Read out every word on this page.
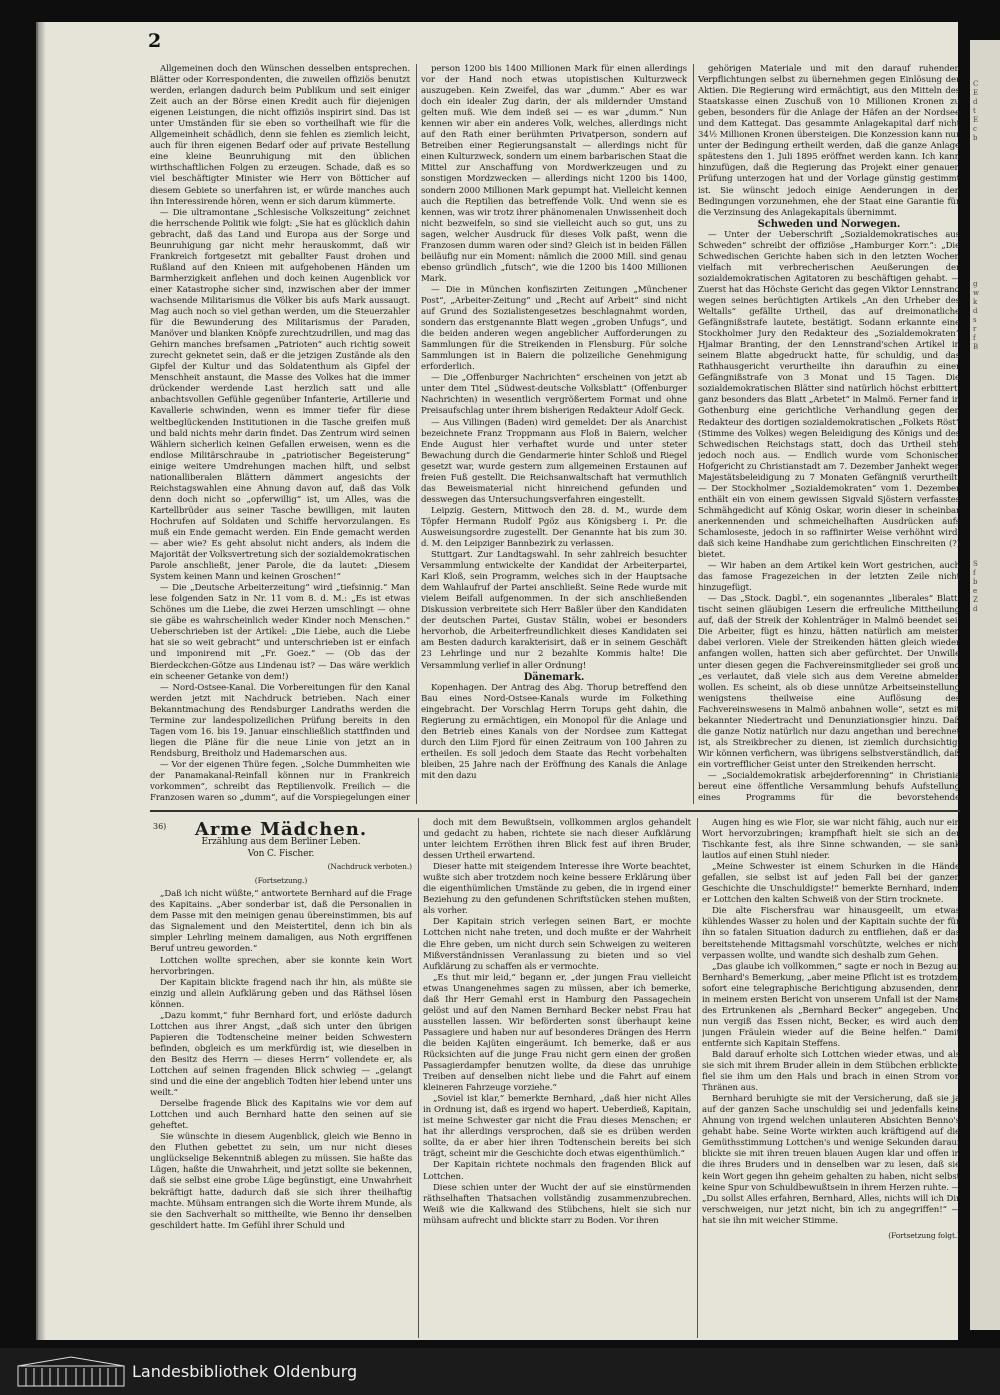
C
E
d
t
E
c
b
g
w
k
d
s
r
f
B
S
f
b
e
Z
d
2

Allgemeinen doch den Wünschen desselben entsprechen. Blätter oder Korrespondenten, die zuweilen offiziös benutzt werden, erlangen dadurch beim Publikum und seit einiger Zeit auch an der Börse einen Kredit auch für diejenigen eigenen Leistungen, die nicht offiziös inspirirt sind. Das ist unter Umständen für sie eben so vortheilhaft wie für die Allgemeinheit schädlich, denn sie fehlen es ziemlich leicht, auch für ihren eigenen Bedarf oder auf private Bestellung eine kleine Beunruhigung mit den üblichen wirthschaftlichen Folgen zu erzeugen. Schade, daß es so viel beschäftigter Minister wie Herr von Bötticher auf diesem Gebiete so unerfahren ist, er würde manches auch ihn Interessirende hören, wenn er sich darum kümmerte.

— Die ultramontane „Schlesische Volkszeitung“ zeichnet die herrschende Politik wie folgt: „Sie hat es glücklich dahin gebracht, daß das Land und Europa aus der Sorge und Beunruhigung gar nicht mehr herauskommt, daß wir Frankreich fortgesetzt mit geballter Faust drohen und Rußland auf den Knieen mit aufgehobenen Händen um Barmherzigkeit anflehen und doch keinen Augenblick vor einer Katastrophe sicher sind, inzwischen aber der immer wachsende Militarismus die Völker bis aufs Mark aussaugt. Mag auch noch so viel gethan werden, um die Steuerzahler für die Bewunderung des Militarismus der Paraden, Manöver und blanken Knöpfe zurechtzudrillen, und mag das Gehirn manches brefsamen „Patrioten“ auch richtig soweit zurecht geknetet sein, daß er die jetzigen Zustände als den Gipfel der Kultur und das Soldatenthum als Gipfel der Menschheit anstaunt, die Masse des Volkes hat die immer drückender werdende Last herzlich satt und alle anbachtsvollen Gefühle gegenüber Infanterie, Artillerie und Kavallerie schwinden, wenn es immer tiefer für diese weltbeglückenden Institutionen in die Tasche greifen muß und bald nichts mehr darin findet. Das Zentrum wird seinen Wählern sicherlich keinen Gefallen erweisen, wenn es die endlose Militärschraube in „patriotischer Begeisterung“ einige weitere Umdrehungen machen hilft, und selbst nationalliberalen Blättern dämmert angesichts der Reichstagswahlen eine Ahnung davon auf, daß das Volk denn doch nicht so „opferwillig“ ist, um Alles, was die Kartellbrüder aus seiner Tasche bewilligen, mit lauten Hochrufen auf Soldaten und Schiffe hervorzulangen. Es muß ein Ende gemacht werden. Ein Ende gemacht werden — aber wie? Es geht absolut nicht anders, als indem die Majorität der Volksvertretung sich der sozialdemokratischen Parole anschließt, jener Parole, die da lautet: „Diesem System keinen Mann und keinen Groschen!“

— Die „Deutsche Arbeiterzeitung“ wird „tiefsinnig.“ Man lese folgenden Satz in Nr. 11 vom 8. d. M.: „Es ist etwas Schönes um die Liebe, die zwei Herzen umschlingt — ohne sie gäbe es wahrscheinlich weder Kinder noch Menschen.“ Ueberschrieben ist der Artikel: „Die Liebe, auch die Liebe hat sie so weit gebracht“ und unterschrieben ist er einfach und imponirend mit „Fr. Goez.“ — (Ob das der Bierdeckchen-Götze aus Lindenau ist? — Das wäre werklich ein scheener Getanke von dem!)

— Nord-Ostsee-Kanal. Die Vorbereitungen für den Kanal werden jetzt mit Nachdruck betrieben. Nach einer Bekanntmachung des Rendsburger Landraths werden die Termine zur landespolizeilichen Prüfung bereits in den Tagen vom 16. bis 19. Januar einschließlich stattfinden und liegen die Pläne für die neue Linie von jetzt an in Rendsburg, Breitholz und Hademarschen aus.

— Vor der eigenen Thüre fegen. „Solche Dummheiten wie der Panamakanal-Reinfall können nur in Frankreich vorkommen“, schreibt das Reptilienvolk. Freilich — die Franzosen waren so „dumm“, auf die Vorspiegelungen einer

person 1200 bis 1400 Millionen Mark für einen allerdings vor der Hand noch etwas utopistischen Kulturzweck auszugeben. Kein Zweifel, das war „dumm.“ Aber es war doch ein idealer Zug darin, der als mildernder Umstand gelten muß. Wie dem indeß sei — es war „dumm.“ Nun kennen wir aber ein anderes Volk, welches, allerdings nicht auf den Rath einer berühmten Privatperson, sondern auf Betreiben einer Regierungsanstalt — allerdings nicht für einen Kulturzweck, sondern um einem barbarischen Staat die Mittel zur Anschaffung von Mordwerkzeugen und zu sonstigen Mordzwecken — allerdings nicht 1200 bis 1400, sondern 2000 Millionen Mark gepumpt hat. Vielleicht kennen auch die Reptilien das betreffende Volk. Und wenn sie es kennen, was wir trotz ihrer phänomenalen Unwissenheit doch nicht bezweifeln, so sind sie vielleicht auch so gut, uns zu sagen, welcher Ausdruck für dieses Volk paßt, wenn die Franzosen dumm waren oder sind? Gleich ist in beiden Fällen beiläufig nur ein Moment: nämlich die 2000 Mill. sind genau ebenso gründlich „futsch“, wie die 1200 bis 1400 Millionen Mark.

— Die in München konfiszirten Zeitungen „Münchener Post“, „Arbeiter-Zeitung“ und „Recht auf Arbeit“ sind nicht auf Grund des Sozialistengesetzes beschlagnahmt worden, sondern das erstgenannte Blatt wegen „groben Unfugs“, und die beiden anderen wegen angeblicher Aufforderungen zu Sammlungen für die Streikenden in Flensburg. Für solche Sammlungen ist in Baiern die polizeiliche Genehmigung erforderlich.

— Die „Offenburger Nachrichten“ erscheinen von jetzt ab unter dem Titel „Südwest-deutsche Volksblatt“ (Offenburger Nachrichten) in wesentlich vergrößertem Format und ohne Preisaufschlag unter ihrem bisherigen Redakteur Adolf Geck.

— Aus Villingen (Baden) wird gemeldet: Der als Anarchist bezeichnete Franz Troppmann aus Floß in Baiern, welcher Ende August hier verhaftet wurde und unter steter Bewachung durch die Gendarmerie hinter Schloß und Riegel gesetzt war, wurde gestern zum allgemeinen Erstaunen auf freien Fuß gestellt. Die Reichsanwaltschaft hat vermuthlich das Beweismaterial nicht hinreichend gefunden und desswegen das Untersuchungsverfahren eingestellt.

Leipzig. Gestern, Mittwoch den 28. d. M., wurde dem Töpfer Hermann Rudolf Pgöz aus Königsberg i. Pr. die Ausweisungsordre zugestellt. Der Genannte hat bis zum 30. d. M. den Leipziger Bannbezirk zu verlassen.

Stuttgart. Zur Landtagswahl. In sehr zahlreich besuchter Versammlung entwickelte der Kandidat der Arbeiterpartei, Karl Kloß, sein Programm, welches sich in der Hauptsache dem Wahlaufruf der Partei anschließt. Seine Rede wurde mit vielem Beifall aufgenommen. In der sich anschließenden Diskussion verbreitete sich Herr Baßler über den Kandidaten der deutschen Partei, Gustav Stälin, wobei er besonders hervorhob, die Arbeiterfreundlichkeit dieses Kandidaten sei am Besten dadurch karakterisirt, daß er in seinem Geschäft 23 Lehrlinge und nur 2 bezahlte Kommis halte! Die Versammlung verlief in aller Ordnung!

Dänemark.

Kopenhagen. Der Antrag des Abg. Thorup betreffend den Bau eines Nord-Ostsee-Kanals wurde im Folkething eingebracht. Der Vorschlag Herrn Torups geht dahin, die Regierung zu ermächtigen, ein Monopol für die Anlage und den Betrieb eines Kanals von der Nordsee zum Kattegat durch den Liim Fjord für einen Zeitraum von 100 Jahren zu ertheilen. Es soll jedoch dem Staate das Recht vorbehalten bleiben, 25 Jahre nach der Eröffnung des Kanals die Anlage mit den dazu

gehörigen Materiale und mit den darauf ruhenden Verpflichtungen selbst zu übernehmen gegen Einlösung der Aktien. Die Regierung wird ermächtigt, aus den Mitteln des Staatskasse einen Zuschuß von 10 Millionen Kronen zu geben, besonders für die Anlage der Häfen an der Nordsee und dem Kattegat. Das gesammte Anlagekapital darf nicht 34½ Millionen Kronen übersteigen. Die Konzession kann nur unter der Bedingung ertheilt werden, daß die ganze Anlage spätestens den 1. Juli 1895 eröffnet werden kann. Ich kann hinzufügen, daß die Regierung das Projekt einer genauen Prüfung unterzogen hat und der Vorlage günstig gestimmt ist. Sie wünscht jedoch einige Aenderungen in den Bedingungen vorzunehmen, ehe der Staat eine Garantie für die Verzinsung des Anlagekapitals übernimmt.

Schweden und Norwegen.

— Unter der Ueberschrift „Sozialdemokratisches aus Schweden“ schreibt der offiziöse „Hamburger Korr.“: „Die Schwedischen Gerichte haben sich in den letzten Wochen vielfach mit verbrecherischen Aeußerungen der sozialdemokratischen Agitatoren zu beschäftigen gehabt. — Zuerst hat das Höchste Gericht das gegen Viktor Lennstrand wegen seines berüchtigten Artikels „An den Urheber des Weltalls“ gefällte Urtheil, das auf dreimonatliche Gefängnißstrafe lautete, bestätigt. Sodann erkannte eine Stockholmer Jury den Redakteur des „Sozialdemokraten“ Hjalmar Branting, der den Lennstrand'schen Artikel in seinem Blatte abgedruckt hatte, für schuldig, und das Rathhausgericht verurtheilte ihn daraufhin zu einer Gefängnißstrafe von 3 Monat und 15 Tagen. Die sozialdemokratischen Blätter sind natürlich höchst erbittert, ganz besonders das Blatt „Arbetet“ in Malmö. Ferner fand in Gothenburg eine gerichtliche Verhandlung gegen den Redakteur des dortigen sozialdemokratischen „Folkets Röst“ (Stimme des Volkes) wegen Beleidigung des Königs und des Schwedischen Reichstags statt, doch das Urtheil steht jedoch noch aus. — Endlich wurde vom Schonischen Hofgericht zu Christianstadt am 7. Dezember Janhekt wegen Majestätsbeleidigung zu 7 Monaten Gefängniß verurtheilt. — Der Stockholmer „Sozialdemokraten“ vom 1. Dezember enthält ein von einem gewissen Sigvald Sjöstern verfasstes Schmähgedicht auf König Oskar, worin dieser in scheinbar anerkennenden und schmeichelhaften Ausdrücken aufs Schamloseste, jedoch in so raffinirter Weise verhöhnt wird, daß sich keine Handhabe zum gerichtlichen Einschreiten (?) bietet.

— Wir haben an dem Artikel kein Wort gestrichen, auch das famose Fragezeichen in der letzten Zeile nicht hinzugefügt.

— Das „Stock. Dagbl.“, ein sogenanntes „liberales“ Blatt, tischt seinen gläubigen Lesern die erfreuliche Mittheilung auf, daß der Streik der Kohlenträger in Malmö beendet sei. Die Arbeiter, fügt es hinzu, hätten natürlich am meisten dabei verloren. Viele der Streikenden hätten gleich wieder anfangen wollen, hatten sich aber gefürchtet. Der Unwille unter diesen gegen die Fachvereinsmitglieder sei groß und „es verlautet, daß viele sich aus dem Vereine abmelden wollen. Es scheint, als ob diese unnütze Arbeitseinstellung wenigstens theilweise eine Auflösung des Fachvereinswesens in Malmö anbahnen wolle“, setzt es mit bekannter Niedertracht und Denunziationsgier hinzu. Daß die ganze Notiz natürlich nur dazu angethan und berechnet ist, als Streikbrecher zu dienen, ist ziemlich durchsichtig. Wir können verfichern, was übrigens selbstverständlich, daß ein vortrefflicher Geist unter den Streikenden herrscht.

— „Socialdemokratisk arbejderforenning“ in Christiania bereut eine öffentliche Versammlung behufs Aufstellung eines Programms für die bevorstehende

36)	Arme Mädchen.
Erzählung aus dem Berliner Leben.
Von C. Fischer.
(Nachdruck verboten.)
(Fortsetzung.)

„Daß ich nicht wüßte,“ antwortete Bernhard auf die Frage des Kapitains. „Aber sonderbar ist, daß die Personalien in dem Passe mit den meinigen genau übereinstimmen, bis auf das Signalement und den Meistertitel, denn ich bin als simpler Lehrling meinem damaligen, aus Noth ergriffenen Beruf untreu geworden.“

Lottchen wollte sprechen, aber sie konnte kein Wort hervorbringen.

Der Kapitain blickte fragend nach ihr hin, als müßte sie einzig und allein Aufklärung geben und das Räthsel lösen können.

„Dazu kommt,“ fuhr Bernhard fort, und erlöste dadurch Lottchen aus ihrer Angst, „daß sich unter den übrigen Papieren die Todtenscheine meiner beiden Schwestern befinden, obgleich es um merkfürdig ist, wie dieselben in den Besitz des Herrn — dieses Herrn“ vollendete er, als Lottchen auf seinen fragenden Blick schwieg — „gelangt sind und die eine der angeblich Todten hier lebend unter uns weilt.“

Derselbe fragende Blick des Kapitains wie vor dem auf Lottchen und auch Bernhard hatte den seinen auf sie geheftet.

Sie wünschte in diesem Augenblick, gleich wie Benno in den Fluthen gebettet zu sein, um nur nicht dieses unglückselige Bekenntniß ablegen zu müssen. Sie haßte das Lügen, haßte die Unwahrheit, und jetzt sollte sie bekennen, daß sie selbst eine grobe Lüge begünstigt, eine Unwahrheit bekräftigt hatte, dadurch daß sie sich ihrer theilhaftig machte. Mühsam entrangen sich die Worte ihrem Munde, als sie den Sachverhalt so mittheilte, wie Benno ihr denselben geschildert hatte. Im Gefühl ihrer Schuld und

doch mit dem Bewußtsein, vollkommen arglos gehandelt und gedacht zu haben, richtete sie nach dieser Aufklärung unter leichtem Erröthen ihren Blick fest auf ihren Bruder, dessen Urtheil erwartend.

Dieser hatte mit steigendem Interesse ihre Worte beachtet, wußte sich aber trotzdem noch keine bessere Erklärung über die eigenthümlichen Umstände zu geben, die in irgend einer Beziehung zu den gefundenen Schriftstücken stehen mußten, als vorher.

Der Kapitain strich verlegen seinen Bart, er mochte Lottchen nicht nahe treten, und doch mußte er der Wahrheit die Ehre geben, um nicht durch sein Schweigen zu weiteren Mißverständnissen Veranlassung zu bieten und so viel Aufklärung zu schaffen als er vermochte.

„Es thut mir leid,“ begann er, „der jungen Frau vielleicht etwas Unangenehmes sagen zu müssen, aber ich bemerke, daß Ihr Herr Gemahl erst in Hamburg den Passagechein gelöst und auf den Namen Bernhard Becker nebst Frau hat ausstellen lassen. Wir beförderten sonst überhaupt keine Passagiere und haben nur auf besonderes Drängen des Herrn die beiden Kajüten eingeräumt. Ich bemerke, daß er aus Rücksichten auf die junge Frau nicht gern einen der großen Passagierdampfer benutzen wollte, da diese das unruhige Treiben auf denselben nicht liebe und die Fahrt auf einem kleineren Fahrzeuge vorziehe.“

„Soviel ist klar,“ bemerkte Bernhard, „daß hier nicht Alles in Ordnung ist, daß es irgend wo hapert. Ueberdieß, Kapitain, ist meine Schwester gar nicht die Frau dieses Menschen; er hat ihr allerdings versprochen, daß sie es drüben werden sollte, da er aber hier ihren Todtenschein bereits bei sich trägt, scheint mir die Geschichte doch etwas eigenthümlich.“

Der Kapitain richtete nochmals den fragenden Blick auf Lottchen.

Diese schien unter der Wucht der auf sie einstürmenden räthselhaften Thatsachen vollständig zusammenzubrechen. Weiß wie die Kalkwand des Stübchens, hielt sie sich nur mühsam aufrecht und blickte starr zu Boden. Vor ihren

Augen hing es wie Flor, sie war nicht fähig, auch nur ein Wort hervorzubringen; krampfhaft hielt sie sich an der Tischkante fest, als ihre Sinne schwanden, — sie sank lautlos auf einen Stuhl nieder.

„Meine Schwester ist einem Schurken in die Hände gefallen, sie selbst ist auf jeden Fall bei der ganzen Geschichte die Unschuldigste!“ bemerkte Bernhard, indem er Lottchen den kalten Schweiß von der Stirn trocknete.

Die alte Fischersfrau war hinausgeeilt, um etwas kühlendes Wasser zu holen und der Kapitain suchte der für ihn so fatalen Situation dadurch zu entfliehen, daß er das bereitstehende Mittagsmahl vorschützte, welches er nicht verpassen wollte, und wandte sich deshalb zum Gehen.

„Das glaube ich vollkommen,“ sagte er noch in Bezug auf Bernhard's Bemerkung, „aber meine Pflicht ist es trotzdem, sofort eine telegraphische Berichtigung abzusenden, denn in meinem ersten Bericht von unserem Unfall ist der Name des Ertrunkenen als „Bernhard Becker“ angegeben. Und nun vergiß das Essen nicht, Becker, es wird auch dem jungen Fräulein wieder auf die Beine helfen.“ Damit entfernte sich Kapitain Steffens.

Bald darauf erholte sich Lottchen wieder etwas, und als sie sich mit ihrem Bruder allein in dem Stübchen erblickte, fiel sie ihm um den Hals und brach in einen Strom von Thränen aus.

Bernhard beruhigte sie mit der Versicherung, daß sie ja auf der ganzen Sache unschuldig sei und jedenfalls keine Ahnung von irgend welchen unlauteren Absichten Benno's gehabt habe. Seine Worte wirkten auch kräftigend auf die Gemüthsstimmung Lottchen's und wenige Sekunden darauf blickte sie mit ihren treuen blauen Augen klar und offen in die ihres Bruders und in denselben war zu lesen, daß sie kein Wort gegen ihn geheim gehalten zu haben, nicht selbst keine Spur von Schuldbewußtsein in ihrem Herzen ruhte. — „Du sollst Alles erfahren, Bernhard, Alles, nichts will ich Dir verschweigen, nur jetzt nicht, bin ich zu angegriffen!“ — hat sie ihn mit weicher Stimme.

(Fortsetzung folgt.)
Landesbibliothek Oldenburg
